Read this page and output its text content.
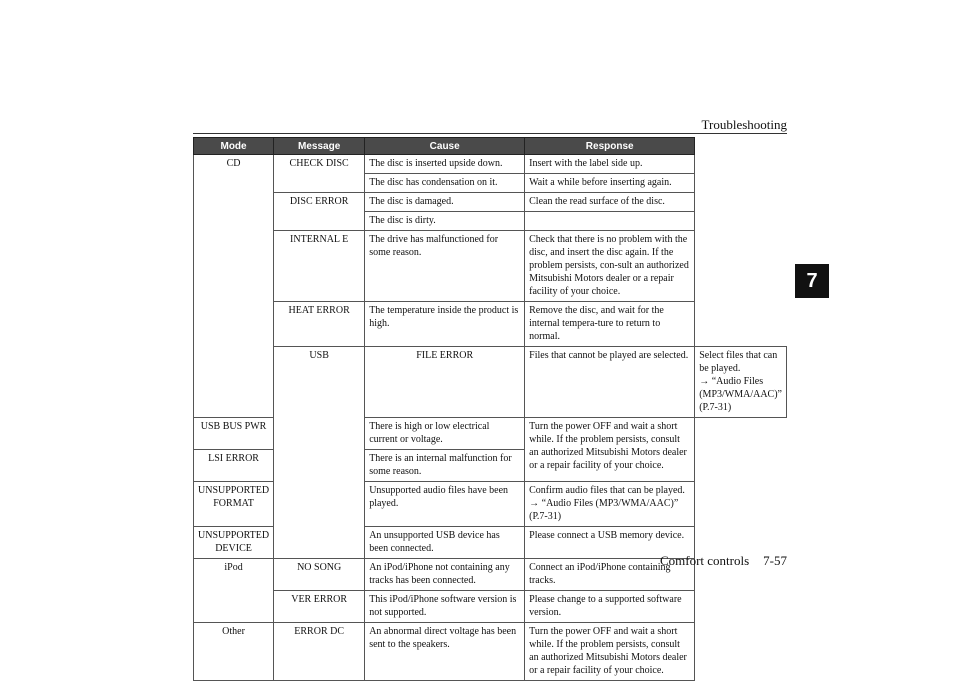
Troubleshooting
7
Mode	Message	Cause	Response	
CD	CHECK DISC	The disc is inserted upside down.	Insert with the label side up.	
		The disc has condensation on it.	Wait a while before inserting again.	
	DISC ERROR	The disc is damaged.	Clean the read surface of the disc.	
		The disc is dirty.		
	INTERNAL E	The drive has malfunctioned for some reason.	Check that there is no problem with the disc, and insert the disc again. If the problem persists, con-sult an authorized Mitsubishi Motors dealer or a repair facility of your choice.	
	HEAT ERROR	The temperature inside the product is high.	Remove the disc, and wait for the internal tempera-ture to return to normal.	
	USB	FILE ERROR	Files that cannot be played are selected.	Select files that can be played.
→ “Audio Files (MP3/WMA/AAC)” (P.7-31)

USB BUS PWR		There is high or low electrical current or voltage.	Turn the power OFF and wait a short while. If the problem persists, consult an authorized Mitsubishi Motors dealer or a repair facility of your choice.	
LSI ERROR		There is an internal malfunction for some reason.		

UNSUPPORTED
FORMAT		Unsupported audio files have been played.	Confirm audio files that can be played.
→ “Audio Files (MP3/WMA/AAC)” (P.7-31)	

UNSUPPORTED
DEVICE		An unsupported USB device has been connected.	Please connect a USB memory device.	
iPod	NO SONG	An iPod/iPhone not containing any tracks has been connected.	Connect an iPod/iPhone containing tracks.	
	VER ERROR	This iPod/iPhone software version is not supported.	Please change to a supported software version.	
Other	ERROR DC	An abnormal direct voltage has been sent to the speakers.	Turn the power OFF and wait a short while. If the problem persists, consult an authorized Mitsubishi Motors dealer or a repair facility of your choice.	
Comfort controls 7-57
